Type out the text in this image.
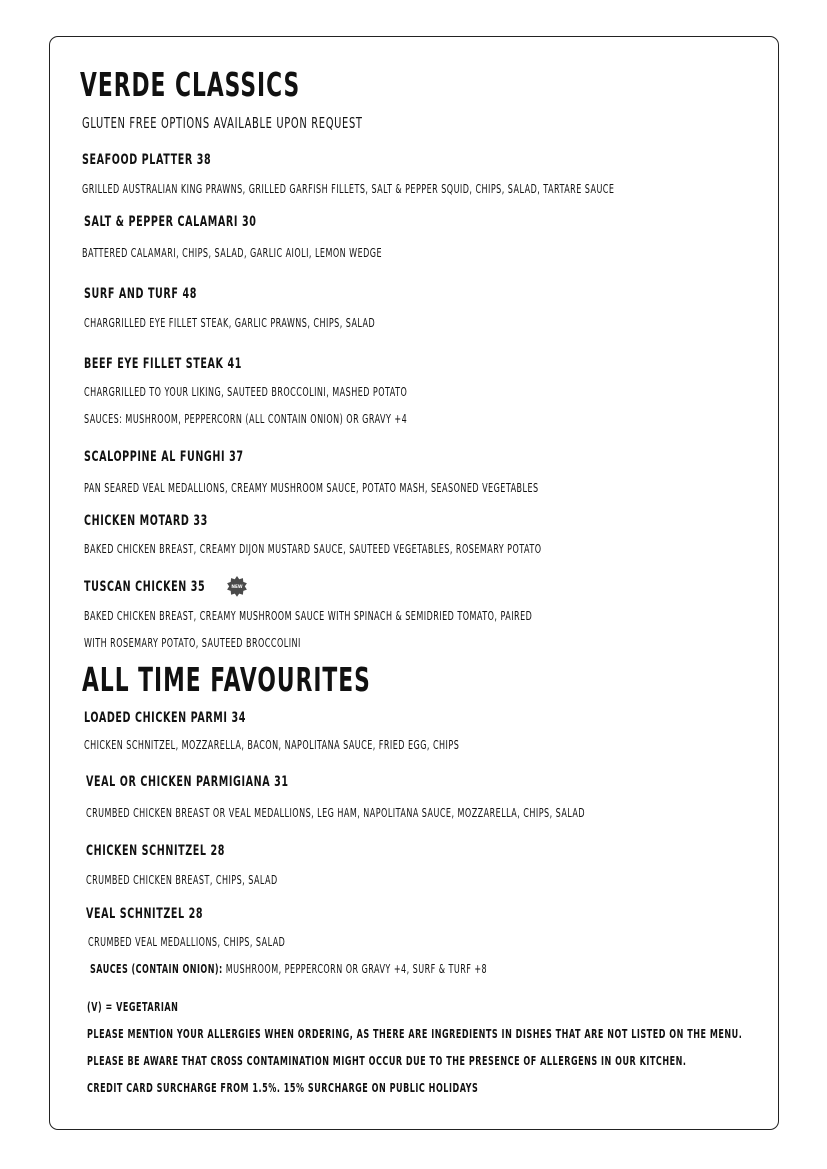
VERDE CLASSICS
GLUTEN FREE OPTIONS AVAILABLE UPON REQUEST
SEAFOOD PLATTER 38
GRILLED AUSTRALIAN KING PRAWNS, GRILLED GARFISH FILLETS, SALT & PEPPER SQUID, CHIPS, SALAD, TARTARE SAUCE
SALT & PEPPER CALAMARI 30
BATTERED CALAMARI, CHIPS, SALAD, GARLIC AIOLI, LEMON WEDGE
SURF AND TURF 48
CHARGRILLED EYE FILLET STEAK, GARLIC PRAWNS, CHIPS, SALAD
BEEF EYE FILLET STEAK 41
CHARGRILLED TO YOUR LIKING, SAUTEED BROCCOLINI, MASHED POTATO
SAUCES: MUSHROOM, PEPPERCORN (ALL CONTAIN ONION) OR GRAVY +4
SCALOPPINE AL FUNGHI 37
PAN SEARED VEAL MEDALLIONS, CREAMY MUSHROOM SAUCE, POTATO MASH, SEASONED VEGETABLES
CHICKEN MOTARD 33
BAKED CHICKEN BREAST, CREAMY DIJON MUSTARD SAUCE, SAUTEED VEGETABLES, ROSEMARY POTATO
TUSCAN CHICKEN 35	NEW
BAKED CHICKEN BREAST, CREAMY MUSHROOM SAUCE WITH SPINACH & SEMIDRIED TOMATO, PAIRED
WITH ROSEMARY POTATO, SAUTEED BROCCOLINI
ALL TIME FAVOURITES
LOADED CHICKEN PARMI 34
CHICKEN SCHNITZEL, MOZZARELLA, BACON, NAPOLITANA SAUCE, FRIED EGG, CHIPS
VEAL OR CHICKEN PARMIGIANA 31
CRUMBED CHICKEN BREAST OR VEAL MEDALLIONS, LEG HAM, NAPOLITANA SAUCE, MOZZARELLA, CHIPS, SALAD
CHICKEN SCHNITZEL 28
CRUMBED CHICKEN BREAST, CHIPS, SALAD
VEAL SCHNITZEL 28
CRUMBED VEAL MEDALLIONS, CHIPS, SALAD
SAUCES (CONTAIN ONION): MUSHROOM, PEPPERCORN OR GRAVY +4, SURF & TURF +8
(V) = VEGETARIAN
PLEASE MENTION YOUR ALLERGIES WHEN ORDERING, AS THERE ARE INGREDIENTS IN DISHES THAT ARE NOT LISTED ON THE MENU.
PLEASE BE AWARE THAT CROSS CONTAMINATION MIGHT OCCUR DUE TO THE PRESENCE OF ALLERGENS IN OUR KITCHEN.
CREDIT CARD SURCHARGE FROM 1.5%. 15% SURCHARGE ON PUBLIC HOLIDAYS
